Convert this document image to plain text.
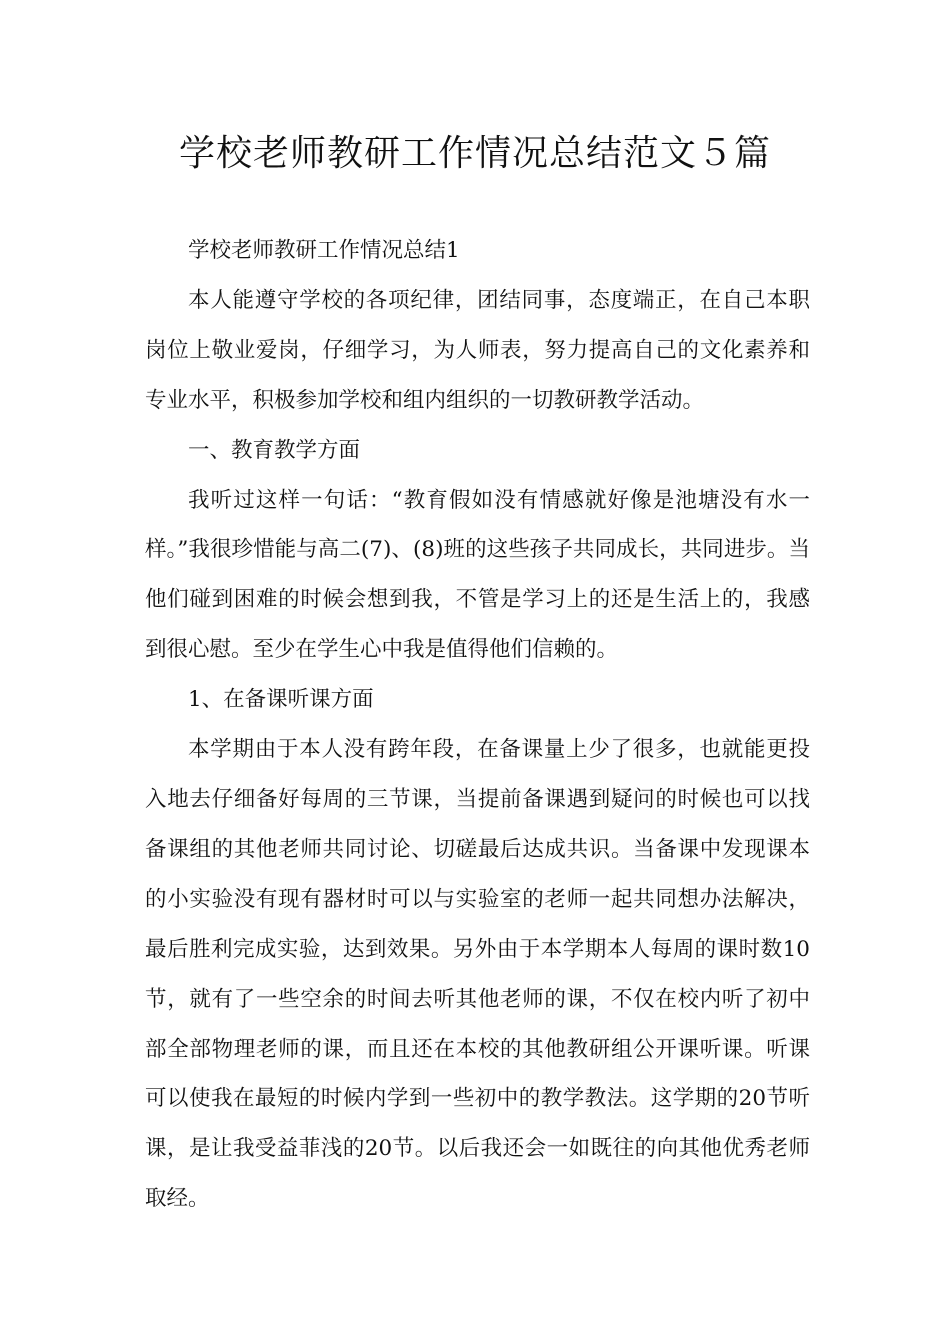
学校老师教研工作情况总结范文５篇

学校老师教研工作情况总结1

本人能遵守学校的各项纪律，团结同事，态度端正，在自己本职岗位上敬业爱岗，仔细学习，为人师表，努力提高自己的文化素养和专业水平，积极参加学校和组内组织的一切教研教学活动。

一、教育教学方面

我听过这样一句话：“教育假如没有情感就好像是池塘没有水一样。”我很珍惜能与高二(7)、(8)班的这些孩子共同成长，共同进步。当他们碰到困难的时候会想到我，不管是学习上的还是生活上的，我感到很心慰。至少在学生心中我是值得他们信赖的。

1、在备课听课方面

本学期由于本人没有跨年段，在备课量上少了很多，也就能更投入地去仔细备好每周的三节课，当提前备课遇到疑问的时候也可以找备课组的其他老师共同讨论、切磋最后达成共识。当备课中发现课本的小实验没有现有器材时可以与实验室的老师一起共同想办法解决，最后胜利完成实验，达到效果。另外由于本学期本人每周的课时数10节，就有了一些空余的时间去听其他老师的课，不仅在校内听了初中部全部物理老师的课，而且还在本校的其他教研组公开课听课。听课可以使我在最短的时候内学到一些初中的教学教法。这学期的20节听课，是让我受益菲浅的20节。以后我还会一如既往的向其他优秀老师取经。
